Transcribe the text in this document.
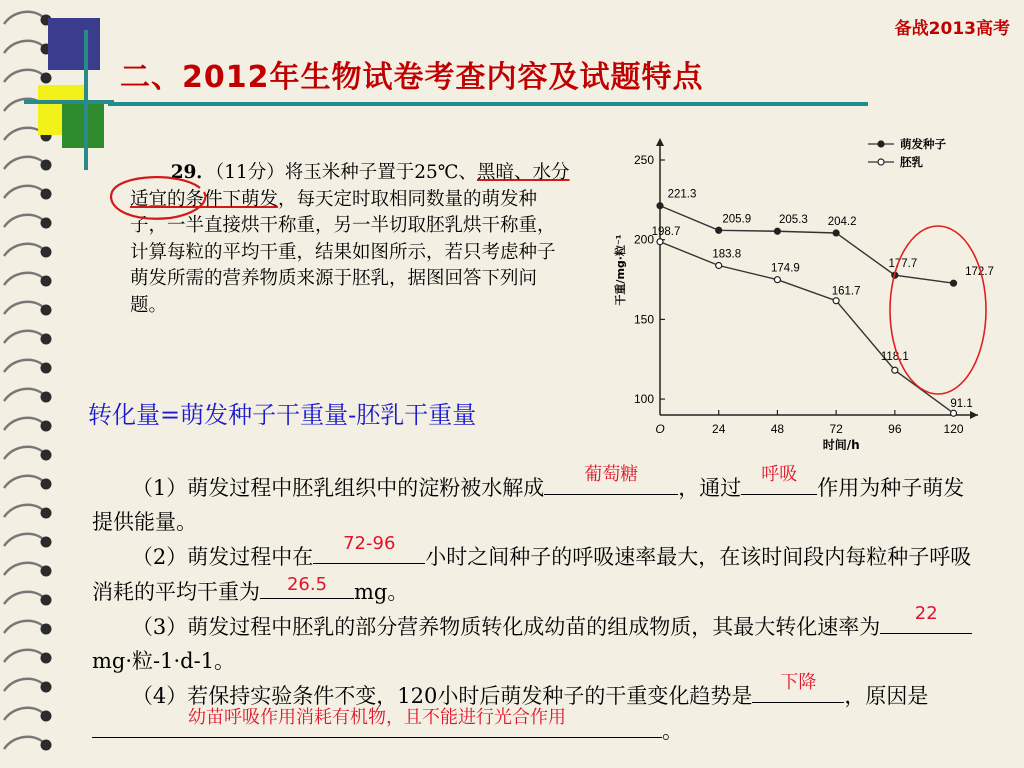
备战2013高考
二、2012年生物试卷考查内容及试题特点
29．（11分）将玉米种子置于25℃、黑暗、水分适宜的条件下萌发，每天定时取相同数量的萌发种子，一半直接烘干称重，另一半切取胚乳烘干称重，计算每粒的平均干重，结果如图所示，若只考虑种子萌发所需的营养物质来源于胚乳，据图回答下列问题。
转化量=萌发种子干重量-胚乳干重量	O	24	48	72	96	120
100
150
200
250
时间/h
干重/mg·粒⁻¹
221.3
205.9 205.3 204.2
177.7
172.7
198.7
183.8
174.9
161.7
118.1
91.1
萌发种子
胚乳

（1）萌发过程中胚乳组织中的淀粉被水解成
葡萄糖
，通过
呼吸
作用为种子萌发提供能量。

（2）萌发过程中在
72-96
小时之间种子的呼吸速率最大，在该时间段内每粒种子呼吸消耗的平均干重为	26.5	mg。

（3）萌发过程中胚乳的部分营养物质转化成幼苗的组成物质，其最大转化速率为
22
mg·粒-1·d-1。

（4）若保持实验条件不变，120小时后萌发种子的干重变化趋势是
下降
，原因是
幼苗呼吸作用消耗有机物，且不能进行光合作用
。
